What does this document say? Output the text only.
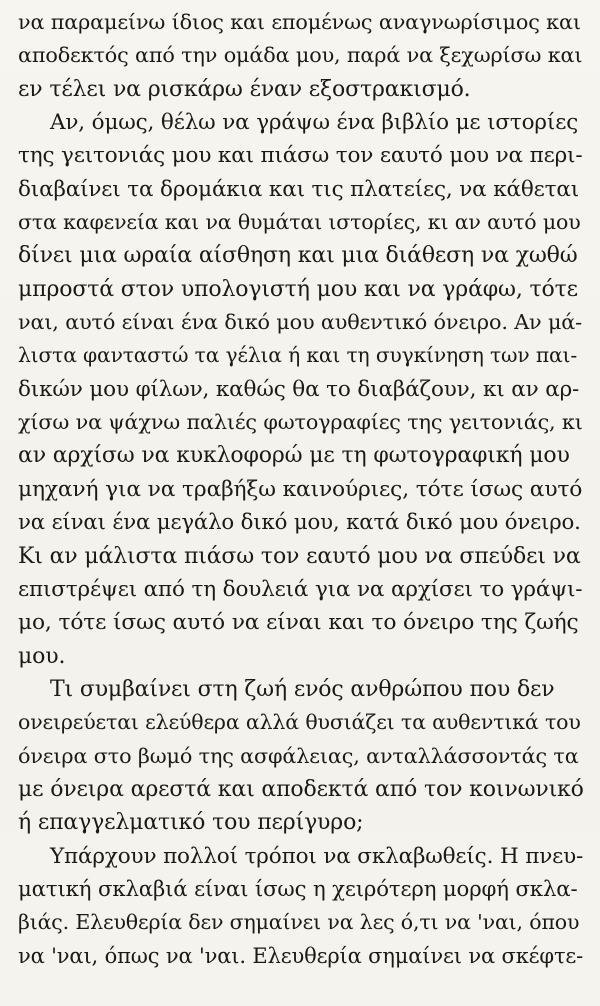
να παραμείνω ίδιος και επομένως αναγνωρίσιμος και
αποδεκτός από την ομάδα μου, παρά να ξεχωρίσω και
εν τέλει να ρισκάρω έναν εξοστρακισμό.
Αν, όμως, θέλω να γράψω ένα βιβλίο με ιστορίες
της γειτονιάς μου και πιάσω τον εαυτό μου να περι-
διαβαίνει τα δρομάκια και τις πλατείες, να κάθεται
στα καφενεία και να θυμάται ιστορίες, κι αν αυτό μου
δίνει μια ωραία αίσθηση και μια διάθεση να χωθώ
μπροστά στον υπολογιστή μου και να γράφω, τότε
ναι, αυτό είναι ένα δικό μου αυθεντικό όνειρο. Αν μά-
λιστα φανταστώ τα γέλια ή και τη συγκίνηση των παι-
δικών μου φίλων, καθώς θα το διαβάζουν, κι αν αρ-
χίσω να ψάχνω παλιές φωτογραφίες της γειτονιάς, κι
αν αρχίσω να κυκλοφορώ με τη φωτογραφική μου
μηχανή για να τραβήξω καινούριες, τότε ίσως αυτό
να είναι ένα μεγάλο δικό μου, κατά δικό μου όνειρο.
Κι αν μάλιστα πιάσω τον εαυτό μου να σπεύδει να
επιστρέψει από τη δουλειά για να αρχίσει το γράψι-
μο, τότε ίσως αυτό να είναι και το όνειρο της ζωής
μου.
Τι συμβαίνει στη ζωή ενός ανθρώπου που δεν
ονειρεύεται ελεύθερα αλλά θυσιάζει τα αυθεντικά του
όνειρα στο βωμό της ασφάλειας, ανταλλάσσοντάς τα
με όνειρα αρεστά και αποδεκτά από τον κοινωνικό
ή επαγγελματικό του περίγυρο;
Υπάρχουν πολλοί τρόποι να σκλαβωθείς. Η πνευ-
ματική σκλαβιά είναι ίσως η χειρότερη μορφή σκλα-
βιάς. Ελευθερία δεν σημαίνει να λες ό,τι να 'ναι, όπου
να 'ναι, όπως να 'ναι. Ελευθερία σημαίνει να σκέφτε-
